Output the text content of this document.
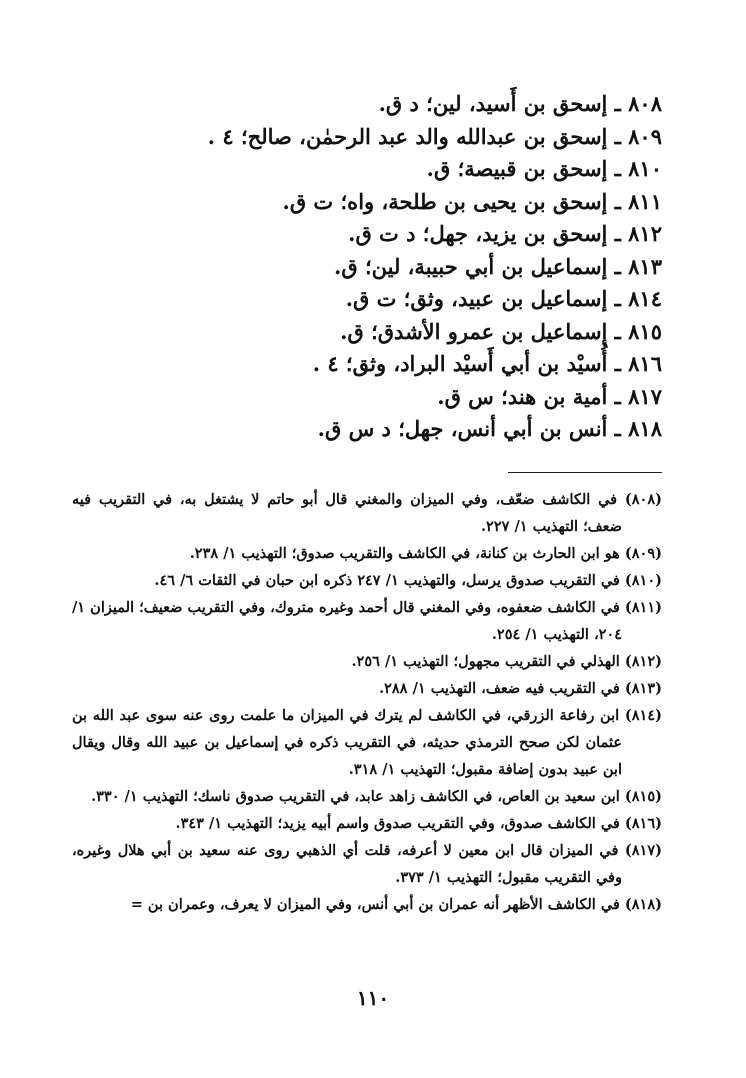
٨٠٨ ـ إسحق بن أَسيد، لين؛ د ق.
٨٠٩ ـ إسحق بن عبدالله والد عبد الرحمٰن، صالح؛ ٤ .
٨١٠ ـ إسحق بن قبيصة؛ ق.
٨١١ ـ إسحق بن يحيى بن طلحة، واه؛ ت ق.
٨١٢ ـ إسحق بن يزيد، جهل؛ د ت ق.
٨١٣ ـ إسماعيل بن أبي حبيبة، لين؛ ق.
٨١٤ ـ إسماعيل بن عبيد، وثق؛ ت ق.
٨١٥ ـ إسماعيل بن عمرو الأشدق؛ ق.
٨١٦ ـ أُسيْد بن أبي أَسيْد البراد، وثق؛ ٤ .
٨١٧ ـ أمية بن هند؛ س ق.
٨١٨ ـ أنس بن أبي أنس، جهل؛ د س ق.

(٨٠٨) في الكاشف ضعّف، وفي الميزان والمغني قال أبو حاتم لا يشتغل به، في التقريب فيه ضعف؛ التهذيب ١/ ٢٢٧.

(٨٠٩) هو ابن الحارث بن كنانة، في الكاشف والتقريب صدوق؛ التهذيب ١/ ٢٣٨.

(٨١٠) في التقريب صدوق يرسل، والتهذيب ١/ ٢٤٧ ذكره ابن حبان في الثقات ٦/ ٤٦.

(٨١١) في الكاشف ضعفوه، وفي المغني قال أحمد وغيره متروك، وفي التقريب ضعيف؛ الميزان ١/ ٢٠٤، التهذيب ١/ ٢٥٤.

(٨١٢) الهذلي في التقريب مجهول؛ التهذيب ١/ ٢٥٦.

(٨١٣) في التقريب فيه ضعف، التهذيب ١/ ٢٨٨.

(٨١٤) ابن رفاعة الزرقي، في الكاشف لم يترك في الميزان ما علمت روى عنه سوى عبد الله بن عثمان لكن صحح الترمذي حديثه، في التقريب ذكره في إسماعيل بن عبيد الله وقال ويقال ابن عبيد بدون إضافة مقبول؛ التهذيب ١/ ٣١٨.

(٨١٥) ابن سعيد بن العاص، في الكاشف زاهد عابد، في التقريب صدوق ناسك؛ التهذيب ١/ ٣٣٠.

(٨١٦) في الكاشف صدوق، وفي التقريب صدوق واسم أبيه يزيد؛ التهذيب ١/ ٣٤٣.

(٨١٧) في الميزان قال ابن معين لا أعرفه، قلت أي الذهبي روى عنه سعيد بن أبي هلال وغيره، وفي التقريب مقبول؛ التهذيب ١/ ٣٧٣.

(٨١٨) في الكاشف الأظهر أنه عمران بن أبي أنس، وفي الميزان لا يعرف، وعمران بن =

١١٠
